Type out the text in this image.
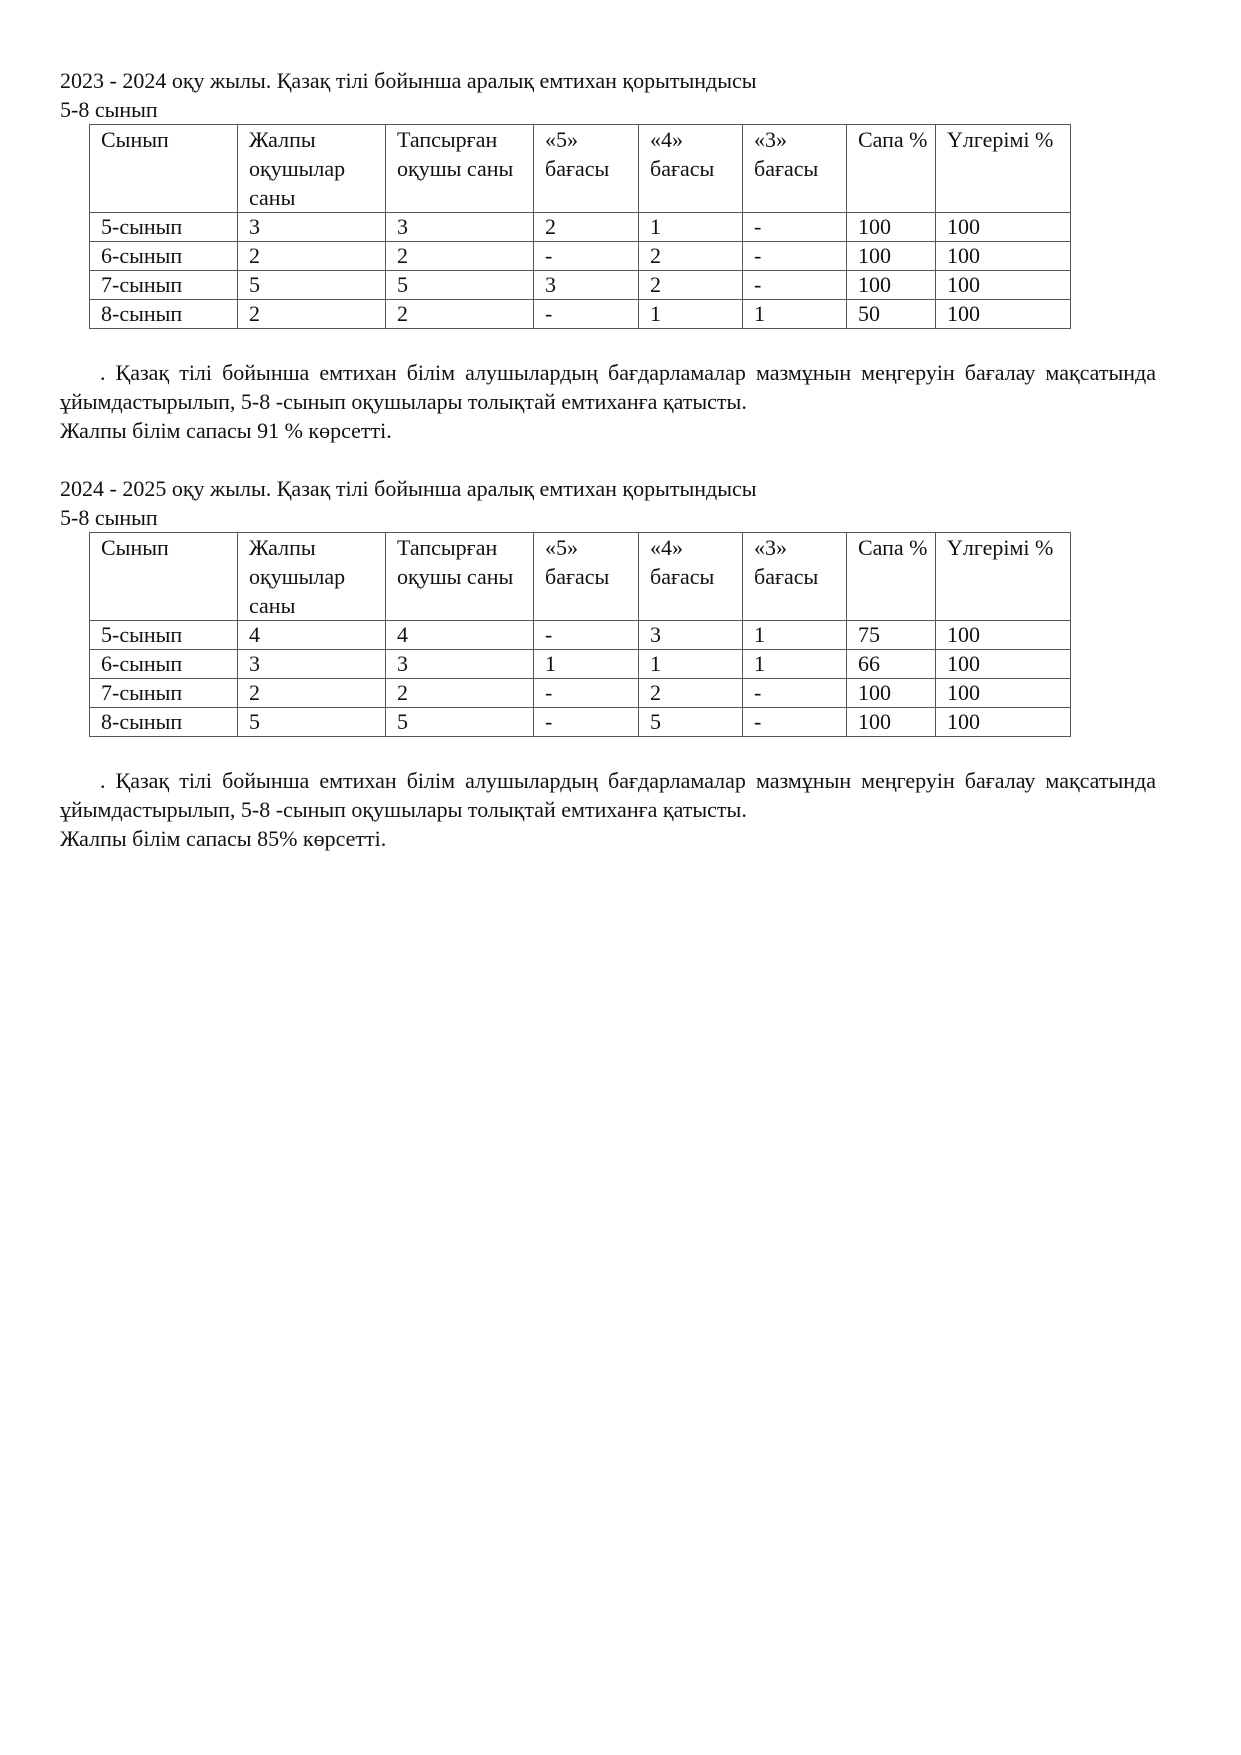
2023 - 2024 оқу жылы. Қазақ тілі бойынша аралық емтихан қорытындысы

5-8 сынып

Сынып	Жалпы оқушылар саны	Тапсырған оқушы саны	«5» бағасы	«4» бағасы	«3» бағасы	Сапа %	Үлгерімі %
5-сынып	3	3	2	1	-	100	100
6-сынып	2	2	-	2	-	100	100
7-сынып	5	5	3	2	-	100	100
8-сынып	2	2	-	1	1	50	100

. Қазақ тілі бойынша емтихан білім алушылардың бағдарламалар мазмұнын меңгеруін бағалау мақсатында ұйымдастырылып, 5-8 -сынып оқушылары толықтай емтиханға қатысты.

Жалпы білім сапасы 91 % көрсетті.

2024 - 2025 оқу жылы. Қазақ тілі бойынша аралық емтихан қорытындысы

5-8 сынып

Сынып	Жалпы оқушылар саны	Тапсырған оқушы саны	«5» бағасы	«4» бағасы	«3» бағасы	Сапа %	Үлгерімі %
5-сынып	4	4	-	3	1	75	100
6-сынып	3	3	1	1	1	66	100
7-сынып	2	2	-	2	-	100	100
8-сынып	5	5	-	5	-	100	100

. Қазақ тілі бойынша емтихан білім алушылардың бағдарламалар мазмұнын меңгеруін бағалау мақсатында ұйымдастырылып, 5-8 -сынып оқушылары толықтай емтиханға қатысты.

Жалпы білім сапасы 85% көрсетті.
